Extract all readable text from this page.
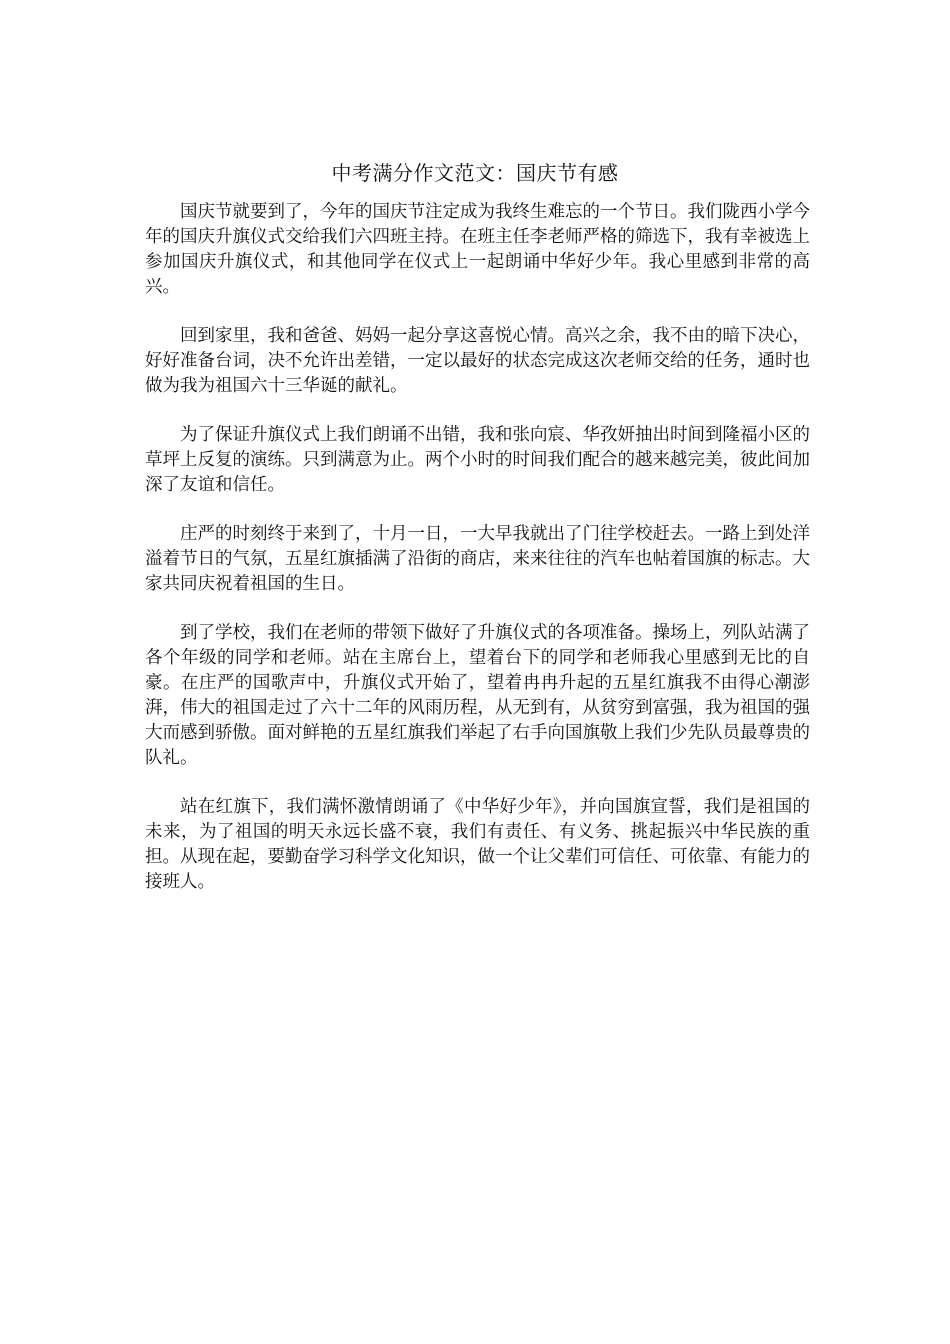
中考满分作文范文：国庆节有感

国庆节就要到了，今年的国庆节注定成为我终生难忘的一个节日。我们陇西小学今年的国庆升旗仪式交给我们六四班主持。在班主任李老师严格的筛选下，我有幸被选上参加国庆升旗仪式，和其他同学在仪式上一起朗诵中华好少年。我心里感到非常的高兴。

回到家里，我和爸爸、妈妈一起分享这喜悦心情。高兴之余，我不由的暗下决心，好好准备台词，决不允许出差错，一定以最好的状态完成这次老师交给的任务，通时也做为我为祖国六十三华诞的献礼。

为了保证升旗仪式上我们朗诵不出错，我和张向宸、华孜妍抽出时间到隆福小区的草坪上反复的演练。只到满意为止。两个小时的时间我们配合的越来越完美，彼此间加深了友谊和信任。

庄严的时刻终于来到了，十月一日，一大早我就出了门往学校赶去。一路上到处洋溢着节日的气氛，五星红旗插满了沿街的商店，来来往往的汽车也帖着国旗的标志。大家共同庆祝着祖国的生日。

到了学校，我们在老师的带领下做好了升旗仪式的各项准备。操场上，列队站满了各个年级的同学和老师。站在主席台上，望着台下的同学和老师我心里感到无比的自豪。在庄严的国歌声中，升旗仪式开始了，望着冉冉升起的五星红旗我不由得心潮澎湃，伟大的祖国走过了六十二年的风雨历程，从无到有，从贫穷到富强，我为祖国的强大而感到骄傲。面对鲜艳的五星红旗我们举起了右手向国旗敬上我们少先队员最尊贵的队礼。

站在红旗下，我们满怀激情朗诵了《中华好少年》，并向国旗宣誓，我们是祖国的未来，为了祖国的明天永远长盛不衰，我们有责任、有义务、挑起振兴中华民族的重担。从现在起，要勤奋学习科学文化知识，做一个让父辈们可信任、可依靠、有能力的接班人。
